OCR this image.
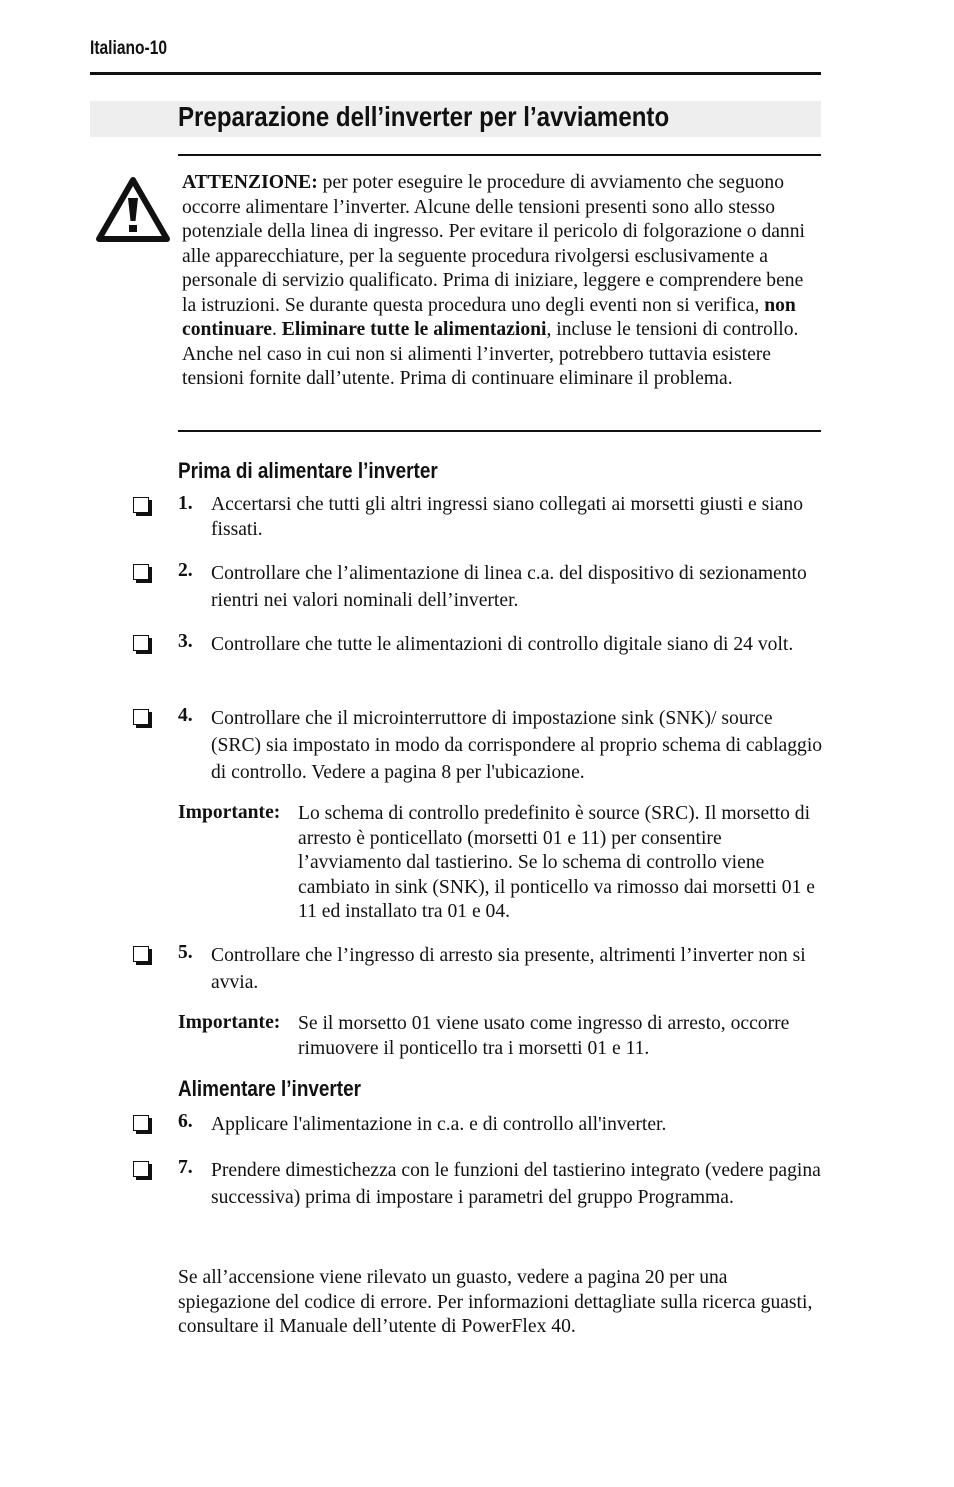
Italiano-10
Preparazione dell’inverter per l’avviamento
ATTENZIONE: per poter eseguire le procedure di avviamento che seguono occorre alimentare l’inverter. Alcune delle tensioni presenti sono allo stesso potenziale della linea di ingresso. Per evitare il pericolo di folgorazione o danni alle apparecchiature, per la seguente procedura rivolgersi esclusivamente a personale di servizio qualificato. Prima di iniziare, leggere e comprendere bene la istruzioni. Se durante questa procedura uno degli eventi non si verifica, non continuare. Eliminare tutte le alimentazioni, incluse le tensioni di controllo. Anche nel caso in cui non si alimenti l’inverter, potrebbero tuttavia esistere tensioni fornite dall’utente. Prima di continuare eliminare il problema.
Prima di alimentare l’inverter
1. Accertarsi che tutti gli altri ingressi siano collegati ai morsetti giusti e siano fissati.
2. Controllare che l’alimentazione di linea c.a. del dispositivo di sezionamento rientri nei valori nominali dell’inverter.
3. Controllare che tutte le alimentazioni di controllo digitale siano di 24 volt.
4. Controllare che il microinterruttore di impostazione sink (SNK)/ source (SRC) sia impostato in modo da corrispondere al proprio schema di cablaggio di controllo. Vedere a pagina 8 per l'ubicazione.
Importante: Lo schema di controllo predefinito è source (SRC). Il morsetto di arresto è ponticellato (morsetti 01 e 11) per consentire l’avviamento dal tastierino. Se lo schema di controllo viene cambiato in sink (SNK), il ponticello va rimosso dai morsetti 01 e 11 ed installato tra 01 e 04.
5. Controllare che l’ingresso di arresto sia presente, altrimenti l’inverter non si avvia.
Importante: Se il morsetto 01 viene usato come ingresso di arresto, occorre rimuovere il ponticello tra i morsetti 01 e 11.
Alimentare l’inverter
6. Applicare l'alimentazione in c.a. e di controllo all'inverter.
7. Prendere dimestichezza con le funzioni del tastierino integrato (vedere pagina successiva) prima di impostare i parametri del gruppo Programma.
Se all’accensione viene rilevato un guasto, vedere a pagina 20 per una spiegazione del codice di errore. Per informazioni dettagliate sulla ricerca guasti, consultare il Manuale dell’utente di PowerFlex 40.
